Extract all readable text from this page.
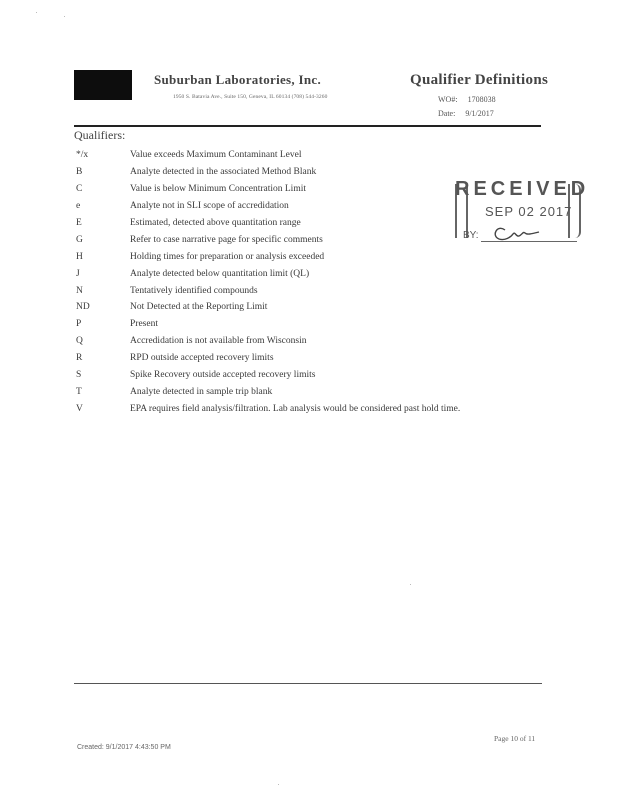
Suburban Laboratories, Inc.
1950 S. Batavia Ave., Suite 150, Geneva, IL 60134 (708) 544-3260
Qualifier Definitions
WO#: 1708038
Date: 9/1/2017
Qualifiers:
*/x	Value exceeds Maximum Contaminant Level
B	Analyte detected in the associated Method Blank
C	Value is below Minimum Concentration Limit
e	Analyte not in SLI scope of accredidation
E	Estimated, detected above quantitation range
G	Refer to case narrative page for specific comments
H	Holding times for preparation or analysis exceeded
J	Analyte detected below quantitation limit (QL)
N	Tentatively identified compounds
ND	Not Detected at the Reporting Limit
P	Present
Q	Accredidation is not available from Wisconsin
R	RPD outside accepted recovery limits
S	Spike Recovery outside accepted recovery limits
T	Analyte detected in sample trip blank
V	EPA requires field analysis/filtration. Lab analysis would be considered past hold time.
RECEIVED
SEP 02 2017
BY:
Page 10 of 11
Created: 9/1/2017 4:43:50 PM
